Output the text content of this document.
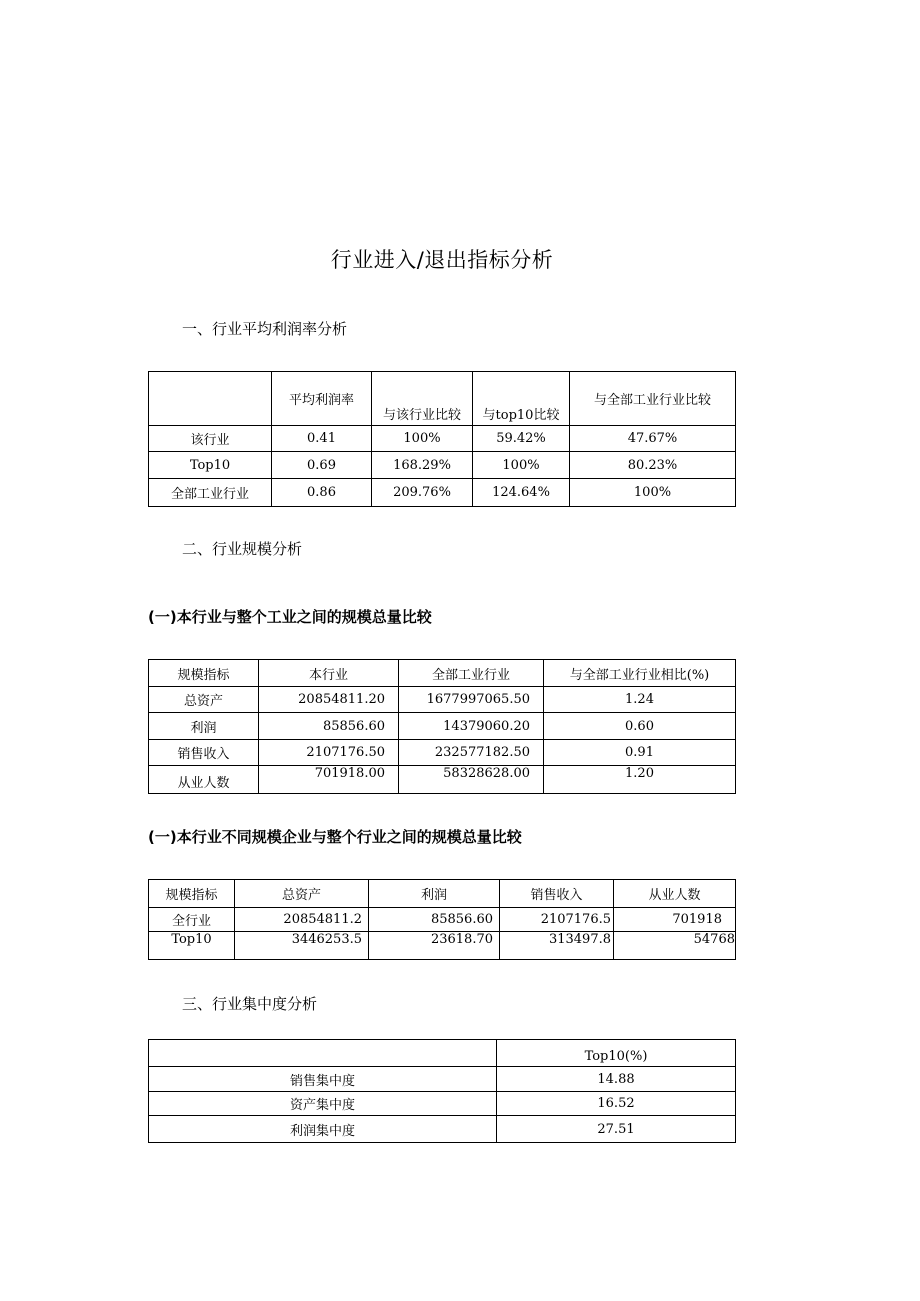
行业进入/退出指标分析
一、行业平均利润率分析
	平均利润率	与该行业比较	与top10比较	与全部工业行业比较
该行业	0.41	100%	59.42%	47.67%
Top10	0.69	168.29%	100%	80.23%
全部工业行业	0.86	209.76%	124.64%	100%
二、行业规模分析
(一)本行业与整个工业之间的规模总量比较
规模指标	本行业	全部工业行业	与全部工业行业相比(%)
总资产	20854811.20	1677997065.50	1.24
利润	85856.60	14379060.20	0.60
销售收入	2107176.50	232577182.50	0.91
从业人数	701918.00	58328628.00	1.20
(一)本行业不同规模企业与整个行业之间的规模总量比较
规模指标	总资产	利润	销售收入	从业人数
全行业	20854811.2	85856.60	2107176.5	701918
Top10	3446253.5	23618.70	313497.8	54768
三、行业集中度分析
	Top10(%)
销售集中度	14.88
资产集中度	16.52
利润集中度	27.51
